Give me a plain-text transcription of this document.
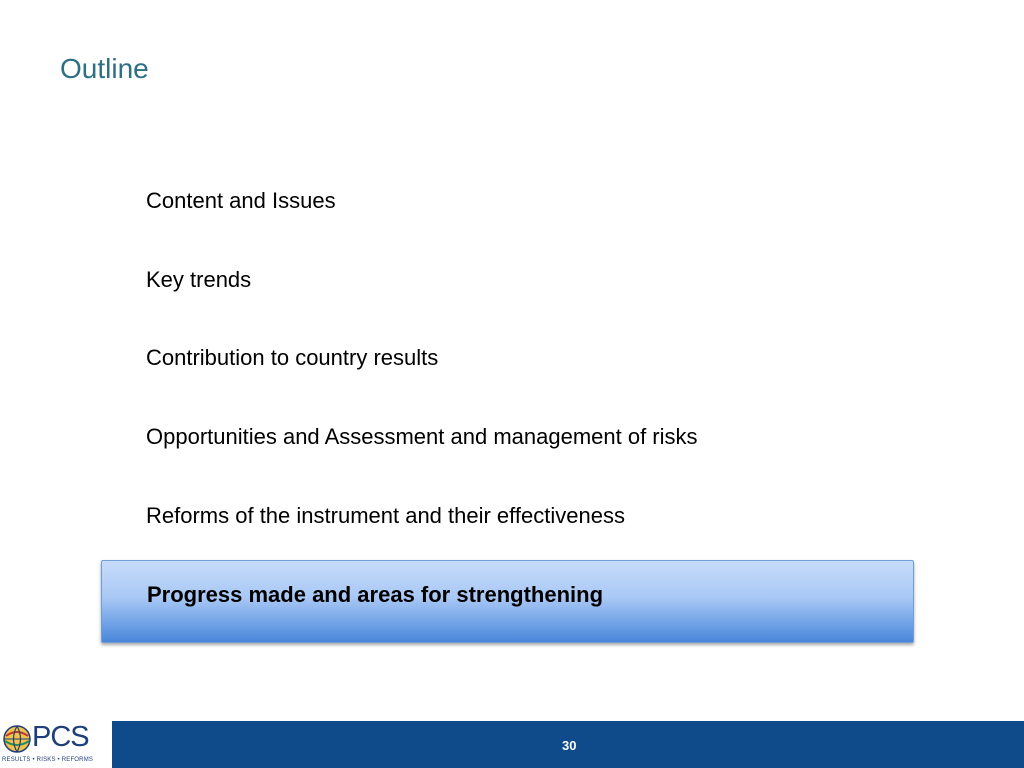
Outline
Content and Issues
Key trends
Contribution to country results
Opportunities and Assessment and management of risks
Reforms of the instrument and their effectiveness
Progress made and areas for strengthening
PCS
RESULTS • RISKS • REFORMS
30
